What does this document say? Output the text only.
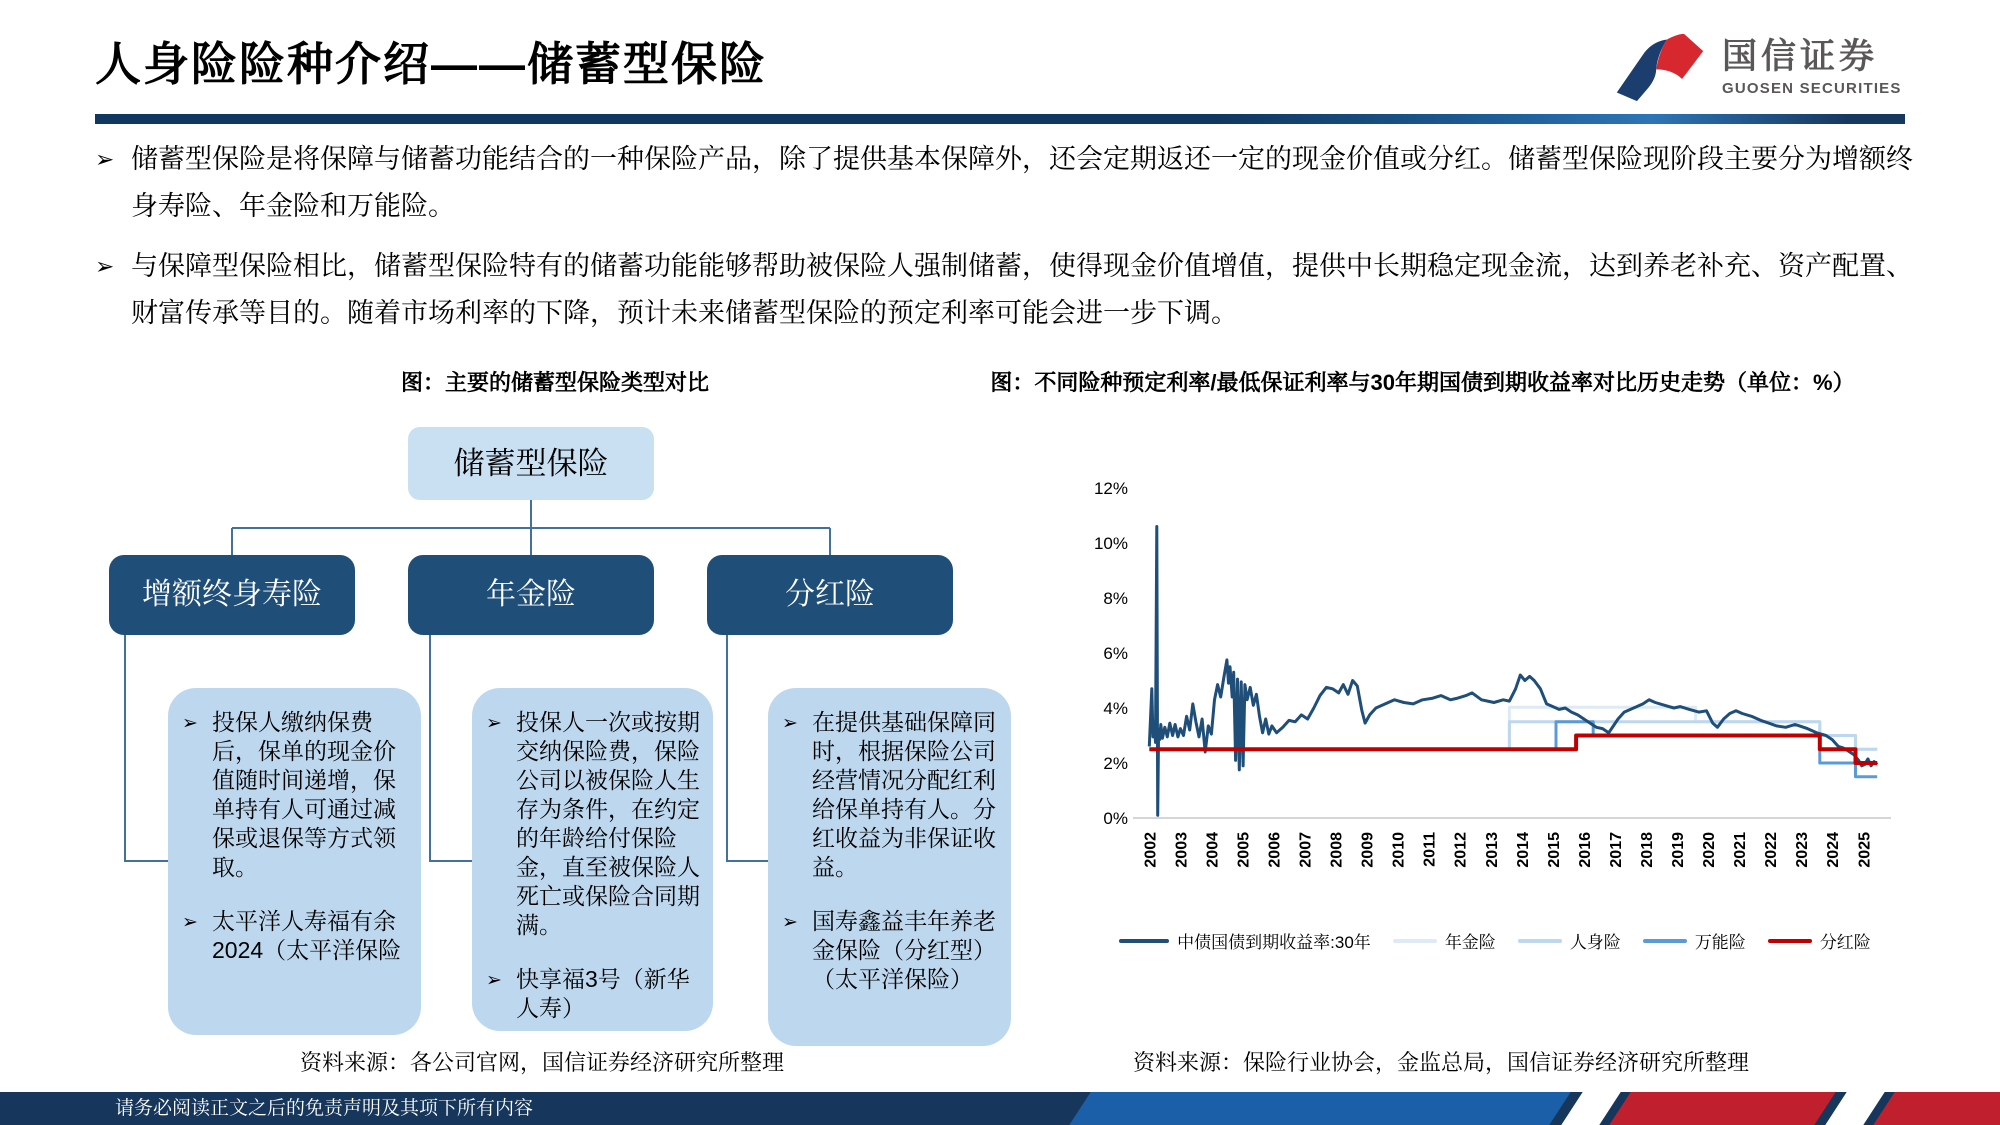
人身险险种介绍——储蓄型保险	国信证券
GUOSEN SECURITIES
➢ 储蓄型保险是将保障与储蓄功能结合的一种保险产品，除了提供基本保障外，还会定期返还一定的现金价值或分红。储蓄型保险现阶段主要分为增额终身寿险、年金险和万能险。
➢ 与保障型保险相比，储蓄型保险特有的储蓄功能能够帮助被保险人强制储蓄，使得现金价值增值，提供中长期稳定现金流，达到养老补充、资产配置、财富传承等目的。随着市场利率的下降，预计未来储蓄型保险的预定利率可能会进一步下调。
图：主要的储蓄型保险类型对比	图：不同险种预定利率/最低保证利率与30年期国债到期收益率对比历史走势（单位：%）
储蓄型保险
增额终身寿险	年金险	分红险
➢ 投保人缴纳保费后，保单的现金价值随时间递增，保单持有人可通过减保或退保等方式领取。
➢ 太平洋人寿福有余2024（太平洋保险
➢ 投保人一次或按期交纳保险费，保险公司以被保险人生存为条件，在约定的年龄给付保险金，直至被保险人死亡或保险合同期满。
➢ 快享福3号（新华人寿）
➢ 在提供基础保障同时，根据保险公司经营情况分配红利给保单持有人。分红收益为非保证收益。
➢ 国寿鑫益丰年养老金保险（分红型）（太平洋保险）
0%
2%
4%
6%
8%
10%
12%
2002 2003 2004 2005 2006 2007 2008 2009 2010 2011 2012 2013 2014 2015 2016 2017 2018 2019 2020 2021 2022 2023 2024 2025
中债国债到期收益率:30年	年金险	人身险	万能险	分红险
资料来源：各公司官网，国信证券经济研究所整理	资料来源：保险行业协会，金监总局，国信证券经济研究所整理
请务必阅读正文之后的免责声明及其项下所有内容
